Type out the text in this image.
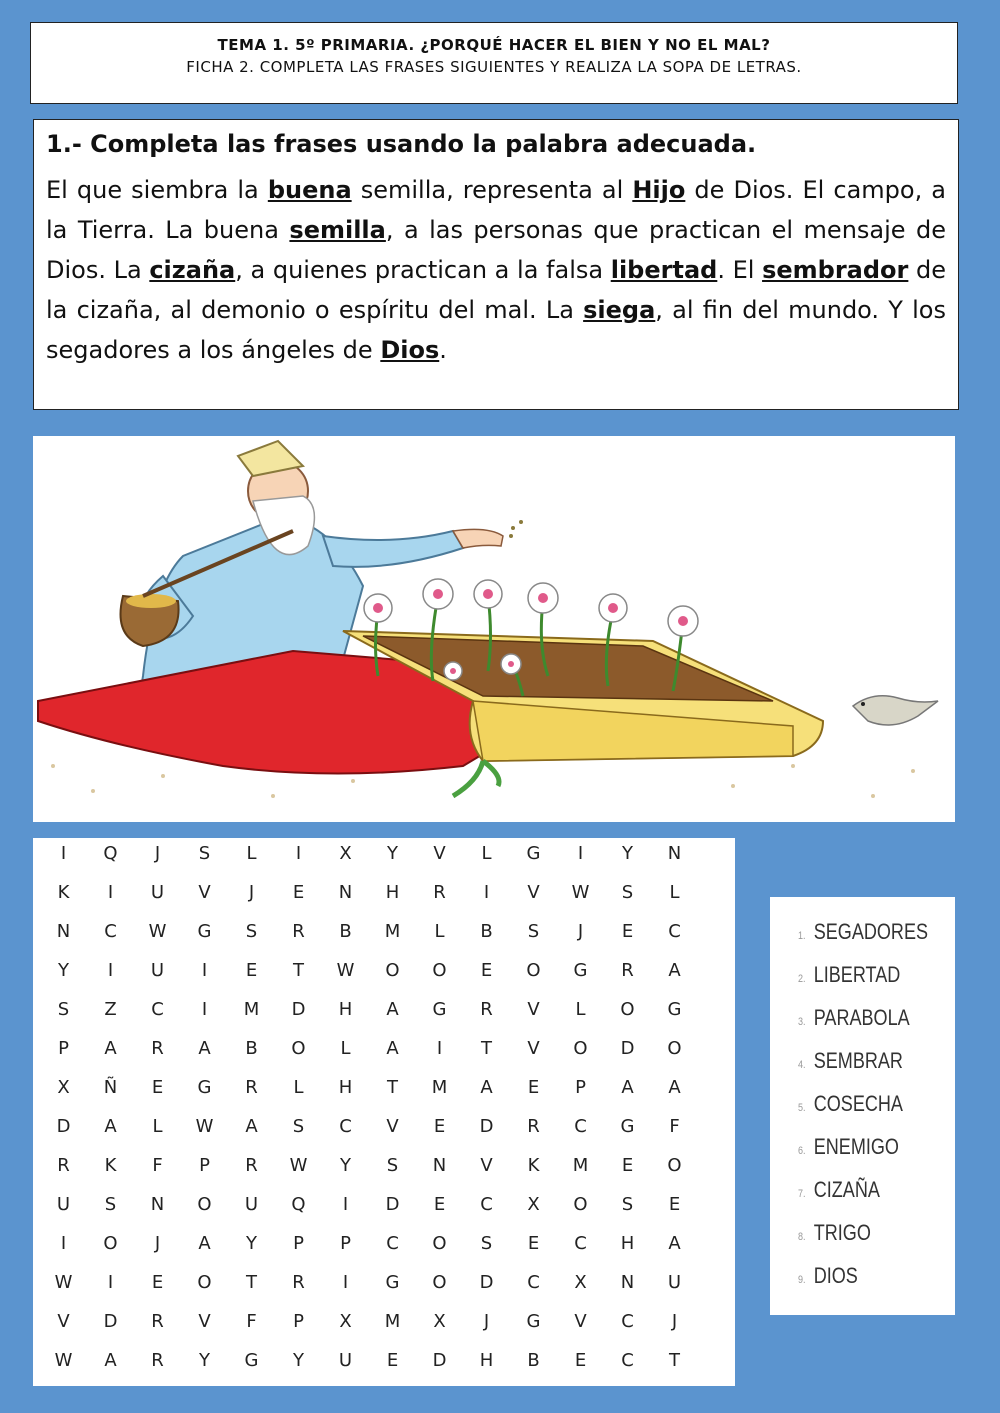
TEMA 1. 5º PRIMARIA. ¿PORQUÉ HACER EL BIEN Y NO EL MAL?
FICHA 2. COMPLETA LAS FRASES SIGUIENTES Y REALIZA LA SOPA DE LETRAS.
1.- Completa las frases usando la palabra adecuada.
El que siembra la buena semilla, representa al Hijo de Dios. El campo, a la Tierra. La buena semilla, a las personas que practican el mensaje de Dios. La cizaña, a quienes practican a la falsa libertad. El sembrador de la cizaña, al demonio o espíritu del mal. La siega, al fin del mundo. Y los segadores a los ángeles de Dios.
I	Q	J	S	L	I	X	Y	V	L	G	I	Y	N
K	I	U	V	J	E	N	H	R	I	V	W	S	L
N	C	W	G	S	R	B	M	L	B	S	J	E	C
Y	I	U	I	E	T	W	O	O	E	O	G	R	A
S	Z	C	I	M	D	H	A	G	R	V	L	O	G
P	A	R	A	B	O	L	A	I	T	V	O	D	O
X	Ñ	E	G	R	L	H	T	M	A	E	P	A	A
D	A	L	W	A	S	C	V	E	D	R	C	G	F
R	K	F	P	R	W	Y	S	N	V	K	M	E	O
U	S	N	O	U	Q	I	D	E	C	X	O	S	E
I	O	J	A	Y	P	P	C	O	S	E	C	H	A
W	I	E	O	T	R	I	G	O	D	C	X	N	U
V	D	R	V	F	P	X	M	X	J	G	V	C	J
W	A	R	Y	G	Y	U	E	D	H	B	E	C	T
1. SEGADORES
2. LIBERTAD
3. PARABOLA
4. SEMBRAR
5. COSECHA
6. ENEMIGO
7. CIZAÑA
8. TRIGO
9. DIOS
